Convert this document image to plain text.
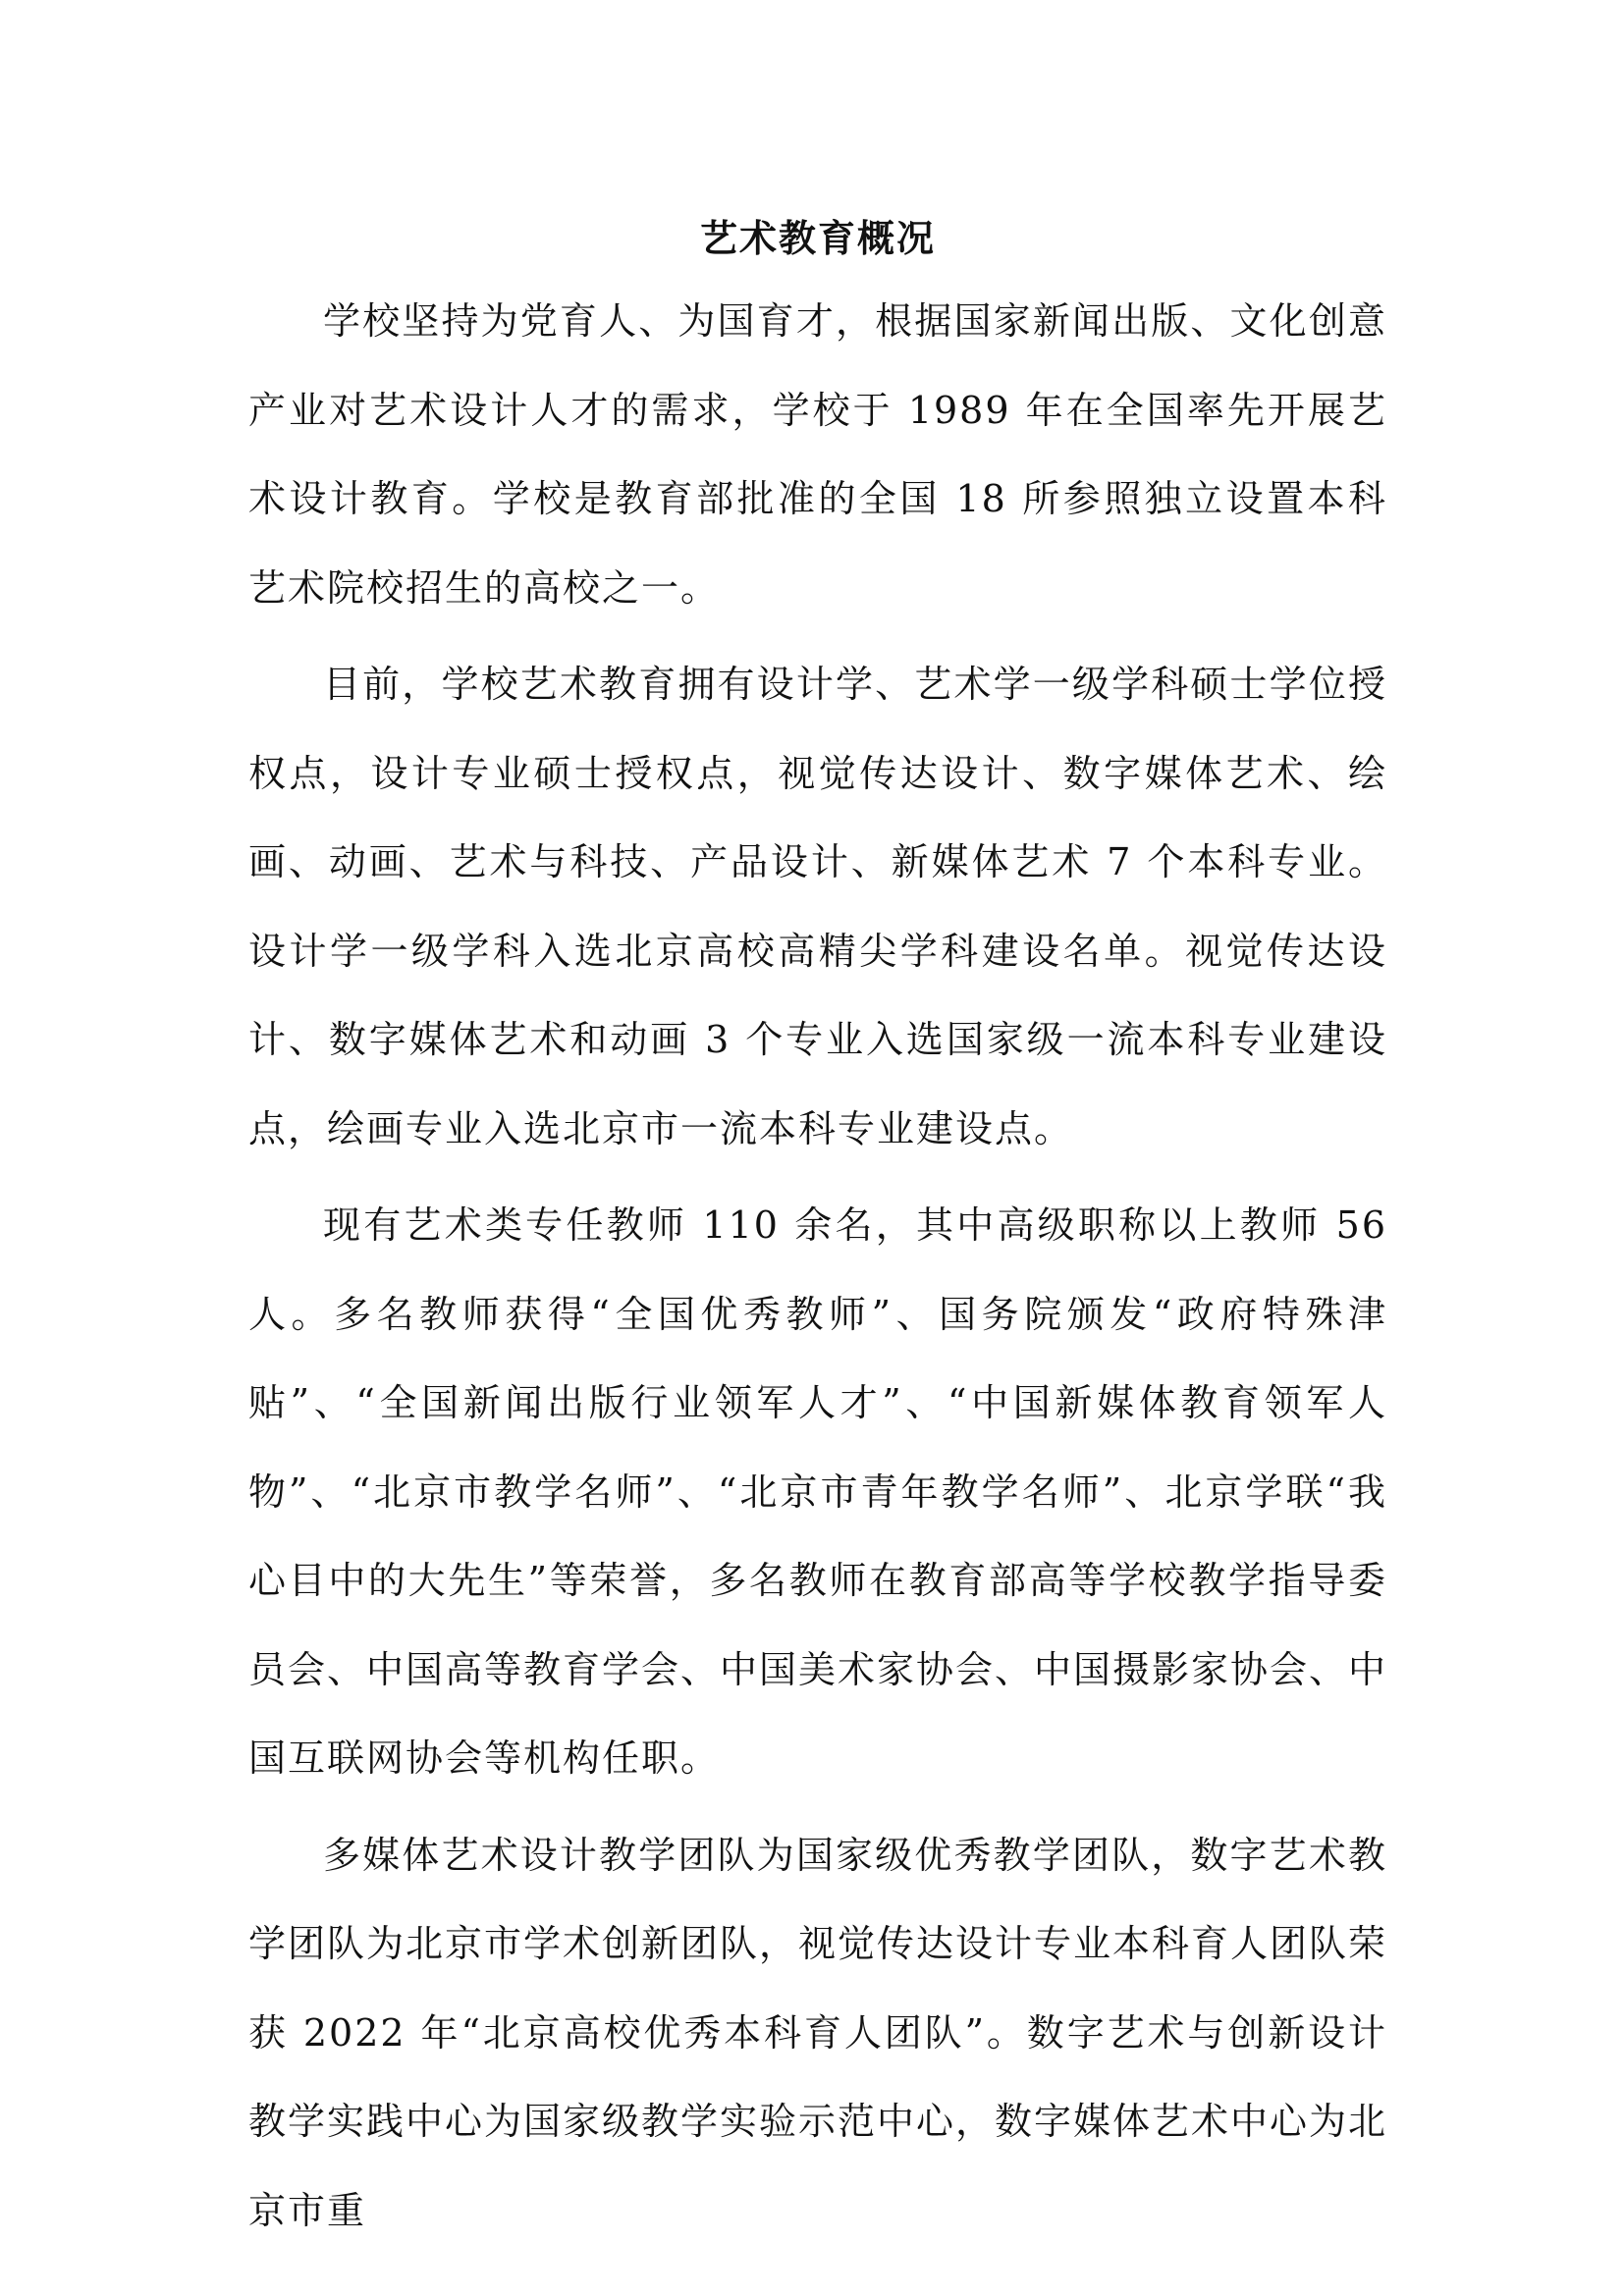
艺术教育概况

学校坚持为党育人、为国育才，根据国家新闻出版、文化创意产业对艺术设计人才的需求，学校于 1989 年在全国率先开展艺术设计教育。学校是教育部批准的全国 18 所参照独立设置本科艺术院校招生的高校之一。

目前，学校艺术教育拥有设计学、艺术学一级学科硕士学位授权点，设计专业硕士授权点，视觉传达设计、数字媒体艺术、绘画、动画、艺术与科技、产品设计、新媒体艺术 7 个本科专业。设计学一级学科入选北京高校高精尖学科建设名单。视觉传达设计、数字媒体艺术和动画 3 个专业入选国家级一流本科专业建设点，绘画专业入选北京市一流本科专业建设点。

现有艺术类专任教师 110 余名，其中高级职称以上教师 56 人。多名教师获得“全国优秀教师”、国务院颁发“政府特殊津贴”、“全国新闻出版行业领军人才”、“中国新媒体教育领军人物”、“北京市教学名师”、“北京市青年教学名师”、北京学联“我心目中的大先生”等荣誉，多名教师在教育部高等学校教学指导委员会、中国高等教育学会、中国美术家协会、中国摄影家协会、中国互联网协会等机构任职。

多媒体艺术设计教学团队为国家级优秀教学团队，数字艺术教学团队为北京市学术创新团队，视觉传达设计专业本科育人团队荣获 2022 年“北京高校优秀本科育人团队”。数字艺术与创新设计教学实践中心为国家级教学实验示范中心，数字媒体艺术中心为北京市重
